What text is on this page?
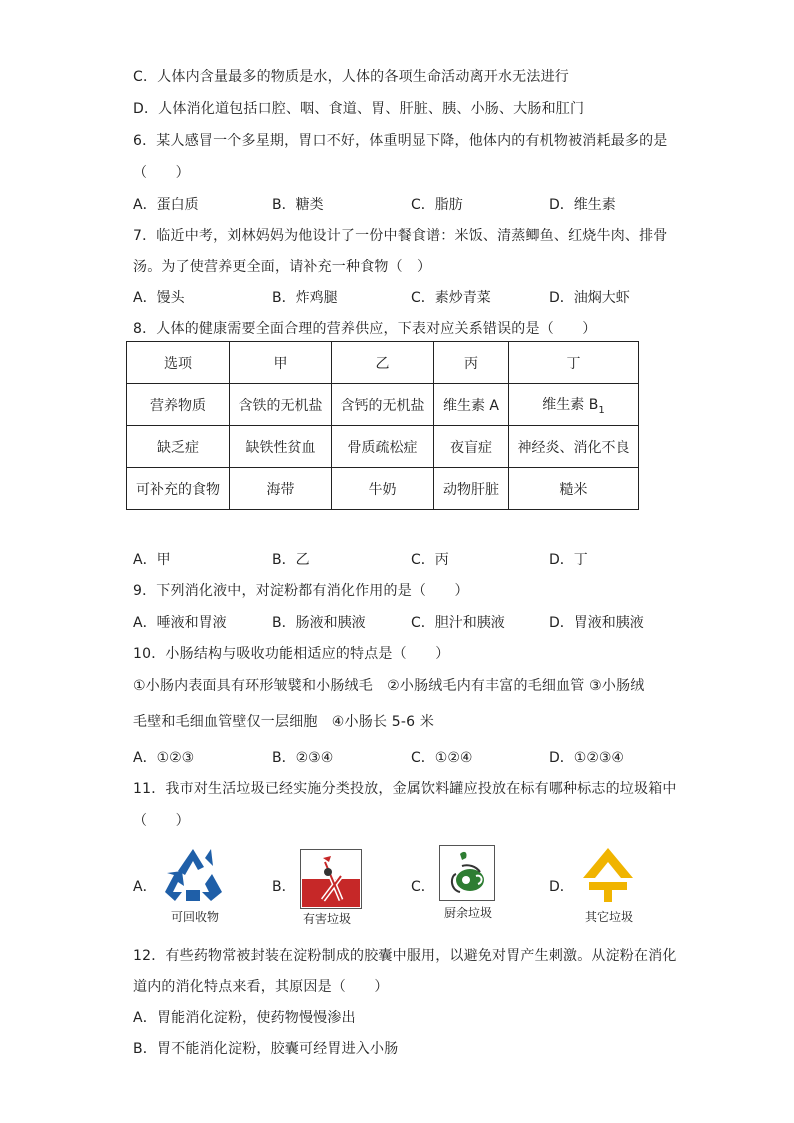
C．人体内含量最多的物质是水，人体的各项生命活动离开水无法进行
D．人体消化道包括口腔、咽、食道、胃、肝脏、胰、小肠、大肠和肛门
6．某人感冒一个多星期，胃口不好，体重明显下降，他体内的有机物被消耗最多的是
（　　）
A．蛋白质	B．糖类	C．脂肪	D．维生素
7．临近中考，刘林妈妈为他设计了一份中餐食谱：米饭、清蒸鲫鱼、红烧牛肉、排骨
汤。为了使营养更全面，请补充一种食物（　）
A．馒头	B．炸鸡腿	C．素炒青菜	D．油焖大虾
8．人体的健康需要全面合理的营养供应，下表对应关系错误的是（　　）
选项	甲	乙	丙	丁
营养物质	含铁的无机盐	含钙的无机盐	维生素 A	维生素 $B_1$
缺乏症	缺铁性贫血	骨质疏松症	夜盲症	神经炎、消化不良
可补充的食物	海带	牛奶	动物肝脏	糙米
A．甲	B．乙	C．丙	D．丁
9．下列消化液中，对淀粉都有消化作用的是（　　）
A．唾液和胃液	B．肠液和胰液	C．胆汁和胰液	D．胃液和胰液
10．小肠结构与吸收功能相适应的特点是（　　）
①小肠内表面具有环形皱襞和小肠绒毛　②小肠绒毛内有丰富的毛细血管 ③小肠绒
毛壁和毛细血管壁仅一层细胞　④小肠长 5-6 米
A．①②③	B．②③④	C．①②④	D．①②③④
11．我市对生活垃圾已经实施分类投放，金属饮料罐应投放在标有哪种标志的垃圾箱中
（　　）
A．
可回收物
B．
有害垃圾
C．
厨余垃圾
D．
其它垃圾
12．有些药物常被封装在淀粉制成的胶囊中服用，以避免对胃产生刺激。从淀粉在消化
道内的消化特点来看，其原因是（　　）
A．胃能消化淀粉，使药物慢慢渗出
B．胃不能消化淀粉，胶囊可经胃进入小肠
